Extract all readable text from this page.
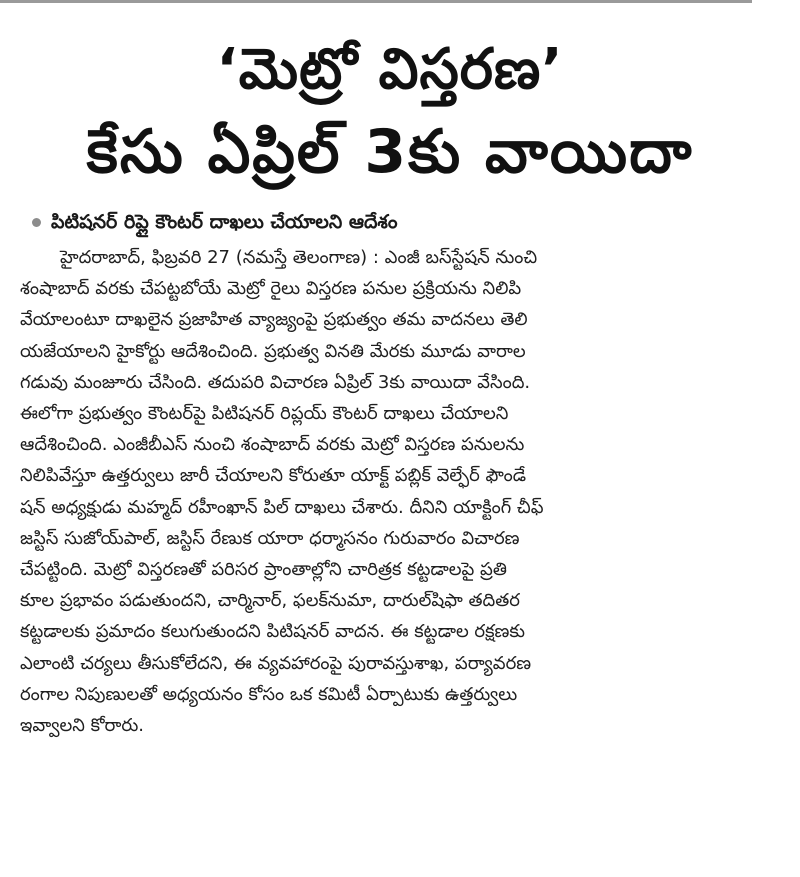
‘మెట్రో విస్తరణ’
కేసు ఏప్రిల్ 3కు వాయిదా
పిటిషనర్ రిప్లై కౌంటర్ దాఖలు చేయాలని ఆదేశం
హైదరాబాద్, ఫిబ్రవరి 27 (నమస్తే తెలంగాణ) : ఎంజీ బస్‌స్టేషన్ నుంచి
శంషాబాద్ వరకు చేపట్టబోయే మెట్రో రైలు విస్తరణ పనుల ప్రక్రియను నిలిపి
వేయాలంటూ దాఖలైన ప్రజాహిత వ్యాజ్యంపై ప్రభుత్వం తమ వాదనలు తెలి
యజేయాలని హైకోర్టు ఆదేశించింది. ప్రభుత్వ వినతి మేరకు మూడు వారాల
గడువు మంజూరు చేసింది. తదుపరి విచారణ ఏప్రిల్ 3కు వాయిదా వేసింది.
ఈలోగా ప్రభుత్వం కౌంటర్‌పై పిటిషనర్ రిప్లయ్ కౌంటర్ దాఖలు చేయాలని
ఆదేశించింది. ఎంజీబీఎస్ నుంచి శంషాబాద్ వరకు మెట్రో విస్తరణ పనులను
నిలిపివేస్తూ ఉత్తర్వులు జారీ చేయాలని కోరుతూ యాక్ట్ పబ్లిక్ వెల్ఫేర్ ఫౌండే
షన్ అధ్యక్షుడు మహ్మద్ రహీంఖాన్ పిల్ దాఖలు చేశారు. దీనిని యాక్టింగ్ చీఫ్
జస్టిస్ సుజోయ్‌పాల్, జస్టిస్ రేణుక యారా ధర్మాసనం గురువారం విచారణ
చేపట్టింది. మెట్రో విస్తరణతో పరిసర ప్రాంతాల్లోని చారిత్రక కట్టడాలపై ప్రతి
కూల ప్రభావం పడుతుందని, చార్మినార్, ఫలక్‌నుమా, దారుల్‌షిఫా తదితర
కట్టడాలకు ప్రమాదం కలుగుతుందని పిటిషనర్ వాదన. ఈ కట్టడాల రక్షణకు
ఎలాంటి చర్యలు తీసుకోలేదని, ఈ వ్యవహారంపై పురావస్తుశాఖ, పర్యావరణ
రంగాల నిపుణులతో అధ్యయనం కోసం ఒక కమిటీ ఏర్పాటుకు ఉత్తర్వులు
ఇవ్వాలని కోరారు.
